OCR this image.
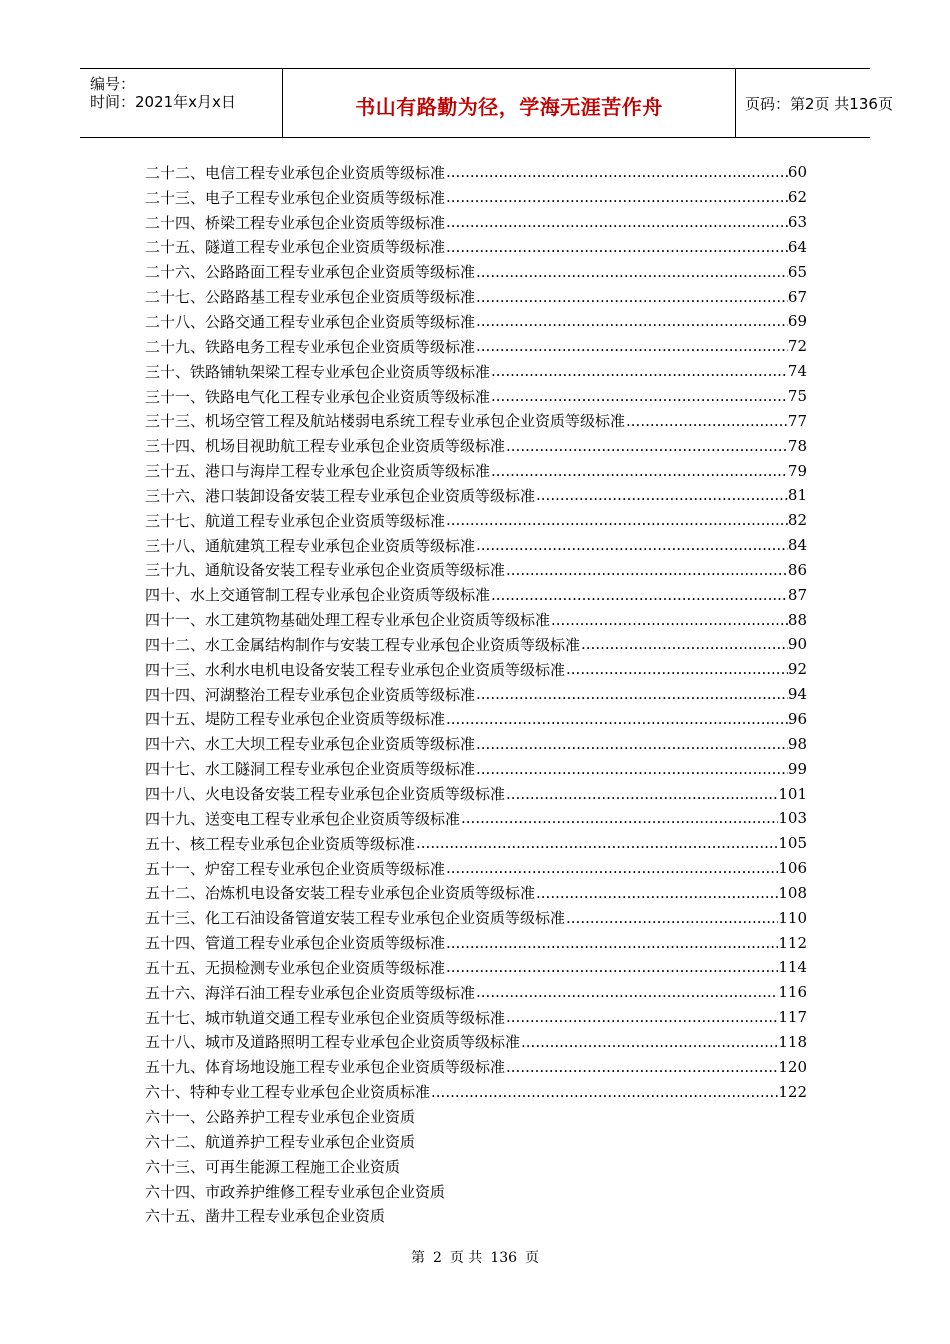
编号：
时间：2021年x月x日	书山有路勤为径，学海无涯苦作舟	页码：第2页 共136页
二十二、电信工程专业承包企业资质等级标准 .....	60
二十三、电子工程专业承包企业资质等级标准 .....	62
二十四、桥梁工程专业承包企业资质等级标准 .....	63
二十五、隧道工程专业承包企业资质等级标准 .....	64
二十六、公路路面工程专业承包企业资质等级标准 .....	65
二十七、公路路基工程专业承包企业资质等级标准 .....	67
二十八、公路交通工程专业承包企业资质等级标准 .....	69
二十九、铁路电务工程专业承包企业资质等级标准 .....	72
三十、铁路铺轨架梁工程专业承包企业资质等级标准 .....	74
三十一、铁路电气化工程专业承包企业资质等级标准 .....	75
三十三、机场空管工程及航站楼弱电系统工程专业承包企业资质等级标准 .....	77
三十四、机场目视助航工程专业承包企业资质等级标准 .....	78
三十五、港口与海岸工程专业承包企业资质等级标准 .....	79
三十六、港口装卸设备安装工程专业承包企业资质等级标准 .....	81
三十七、航道工程专业承包企业资质等级标准 .....	82
三十八、通航建筑工程专业承包企业资质等级标准 .....	84
三十九、通航设备安装工程专业承包企业资质等级标准 .....	86
四十、水上交通管制工程专业承包企业资质等级标准 .....	87
四十一、水工建筑物基础处理工程专业承包企业资质等级标准 .....	88
四十二、水工金属结构制作与安装工程专业承包企业资质等级标准 .....	90
四十三、水利水电机电设备安装工程专业承包企业资质等级标准 .....	92
四十四、河湖整治工程专业承包企业资质等级标准 .....	94
四十五、堤防工程专业承包企业资质等级标准 .....	96
四十六、水工大坝工程专业承包企业资质等级标准 .....	98
四十七、水工隧洞工程专业承包企业资质等级标准 .....	99
四十八、火电设备安装工程专业承包企业资质等级标准 .....	101
四十九、送变电工程专业承包企业资质等级标准 .....	103
五十、核工程专业承包企业资质等级标准 .....	105
五十一、炉窑工程专业承包企业资质等级标准 .....	106
五十二、冶炼机电设备安装工程专业承包企业资质等级标准 .....	108
五十三、化工石油设备管道安装工程专业承包企业资质等级标准 .....	110
五十四、管道工程专业承包企业资质等级标准 .....	112
五十五、无损检测专业承包企业资质等级标准 .....	114
五十六、海洋石油工程专业承包企业资质等级标准 .....	116
五十七、城市轨道交通工程专业承包企业资质等级标准 .....	117
五十八、城市及道路照明工程专业承包企业资质等级标准 .....	118
五十九、体育场地设施工程专业承包企业资质等级标准 .....	120
六十、特种专业工程专业承包企业资质标准 .....	122
六十一、公路养护工程专业承包企业资质
六十二、航道养护工程专业承包企业资质
六十三、可再生能源工程施工企业资质
六十四、市政养护维修工程专业承包企业资质
六十五、凿井工程专业承包企业资质
第 2 页 共 136 页
